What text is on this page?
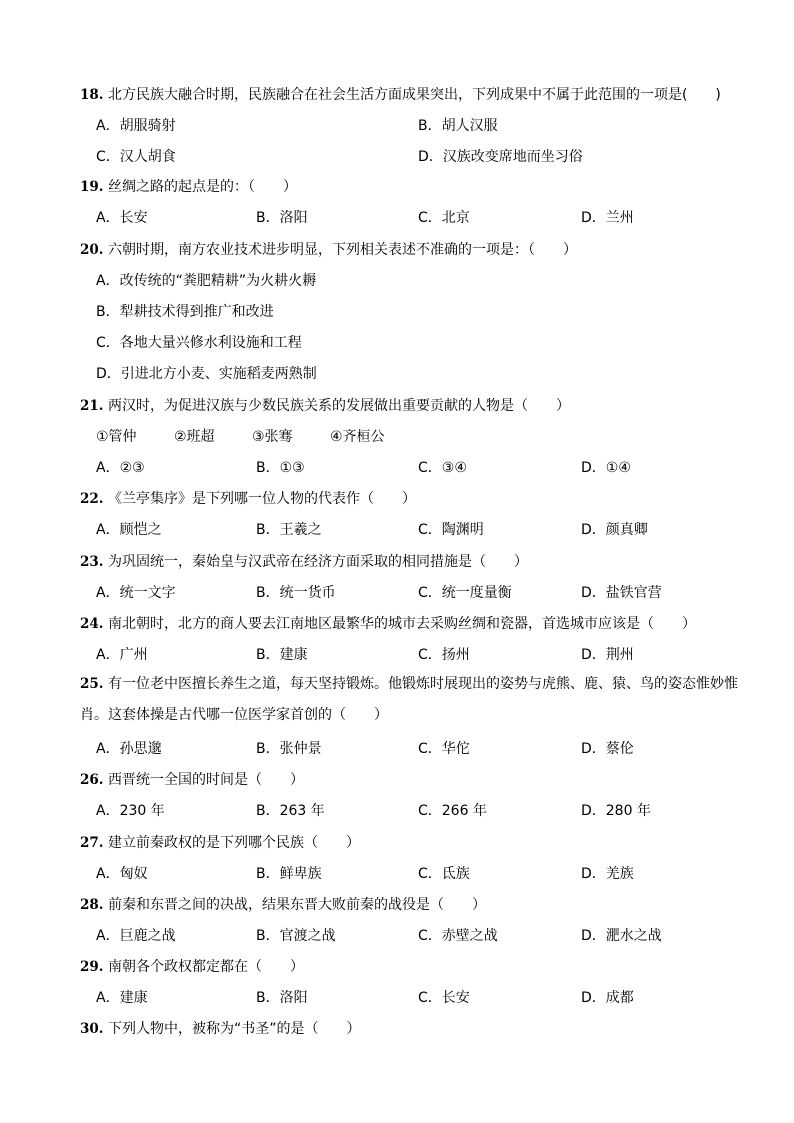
18. 北方民族大融合时期，民族融合在社会生活方面成果突出，下列成果中不属于此范围的一项是(　　)
A．胡服骑射	B．胡人汉服
C．汉人胡食	D．汉族改变席地而坐习俗
19. 丝绸之路的起点是的：（　　）
A．长安	B．洛阳	C．北京	D．兰州
20. 六朝时期，南方农业技术进步明显，下列相关表述不准确的一项是：（　　）
A．改传统的“粪肥精耕”为火耕火耨
B．犁耕技术得到推广和改进
C．各地大量兴修水利设施和工程
D．引进北方小麦、实施稻麦两熟制
21. 两汉时，为促进汉族与少数民族关系的发展做出重要贡献的人物是（　　）
①管仲	②班超	③张骞	④齐桓公
A．②③	B．①③	C．③④	D．①④
22. 《兰亭集序》是下列哪一位人物的代表作（　　）
A．顾恺之	B．王羲之	C．陶渊明	D．颜真卿
23. 为巩固统一，秦始皇与汉武帝在经济方面采取的相同措施是（　　）
A．统一文字	B．统一货币	C．统一度量衡	D．盐铁官营
24. 南北朝时，北方的商人要去江南地区最繁华的城市去采购丝绸和瓷器，首选城市应该是（　　）
A．广州	B．建康	C．扬州	D．荆州
25. 有一位老中医擅长养生之道，每天坚持锻炼。他锻炼时展现出的姿势与虎熊、鹿、猿、鸟的姿态惟妙惟肖。这套体操是古代哪一位医学家首创的（　　）
A．孙思邈	B．张仲景	C．华佗	D．蔡伦
26. 西晋统一全国的时间是（　　）
A．230 年	B．263 年	C．266 年	D．280 年
27. 建立前秦政权的是下列哪个民族（　　）
A．匈奴	B．鲜卑族	C．氐族	D．羌族
28. 前秦和东晋之间的决战，结果东晋大败前秦的战役是（　　）
A．巨鹿之战	B．官渡之战	C．赤壁之战	D．淝水之战
29. 南朝各个政权都定都在（　　）
A．建康	B．洛阳	C．长安	D．成都
30. 下列人物中，被称为“书圣”的是（　　）
